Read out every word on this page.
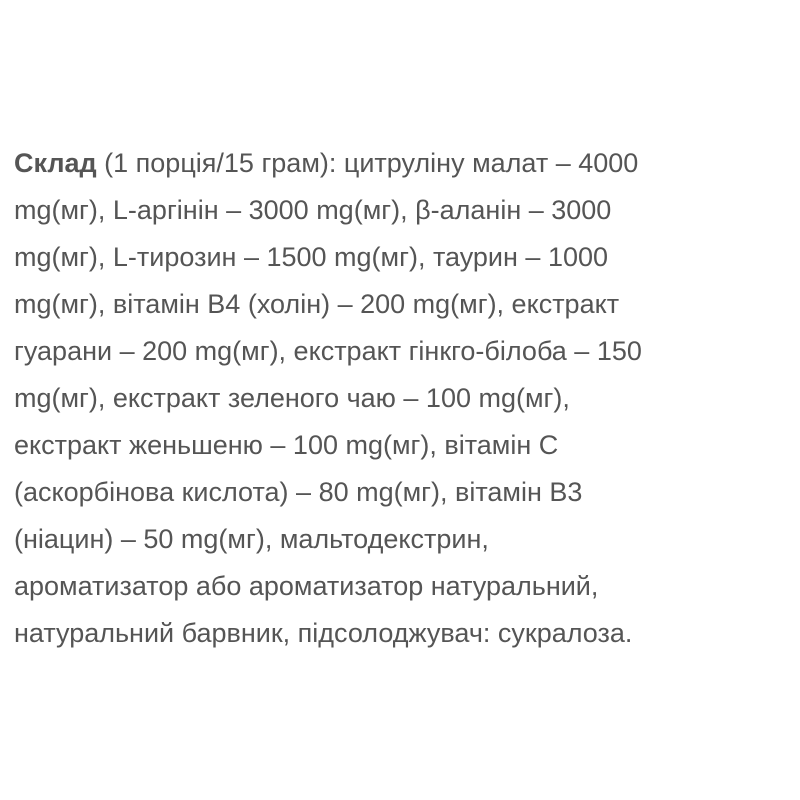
Склад (1 порція/15 грам): цитруліну малат – 4000
mg(мг), L-аргінін – 3000 mg(мг), β-аланін – 3000
mg(мг), L-тирозин – 1500 mg(мг), таурин – 1000
mg(мг), вітамін В4 (холін) – 200 mg(мг), екстракт
гуарани – 200 mg(мг), екстракт гінкго-білоба – 150
mg(мг), екстракт зеленого чаю – 100 mg(мг),
екстракт женьшеню – 100 mg(мг), вітамін С
(аскорбінова кислота) – 80 mg(мг), вітамін В3
(ніацин) – 50 mg(мг), мальтодекстрин,
ароматизатор або ароматизатор натуральний,
натуральний барвник, підсолоджувач: сукралоза.
